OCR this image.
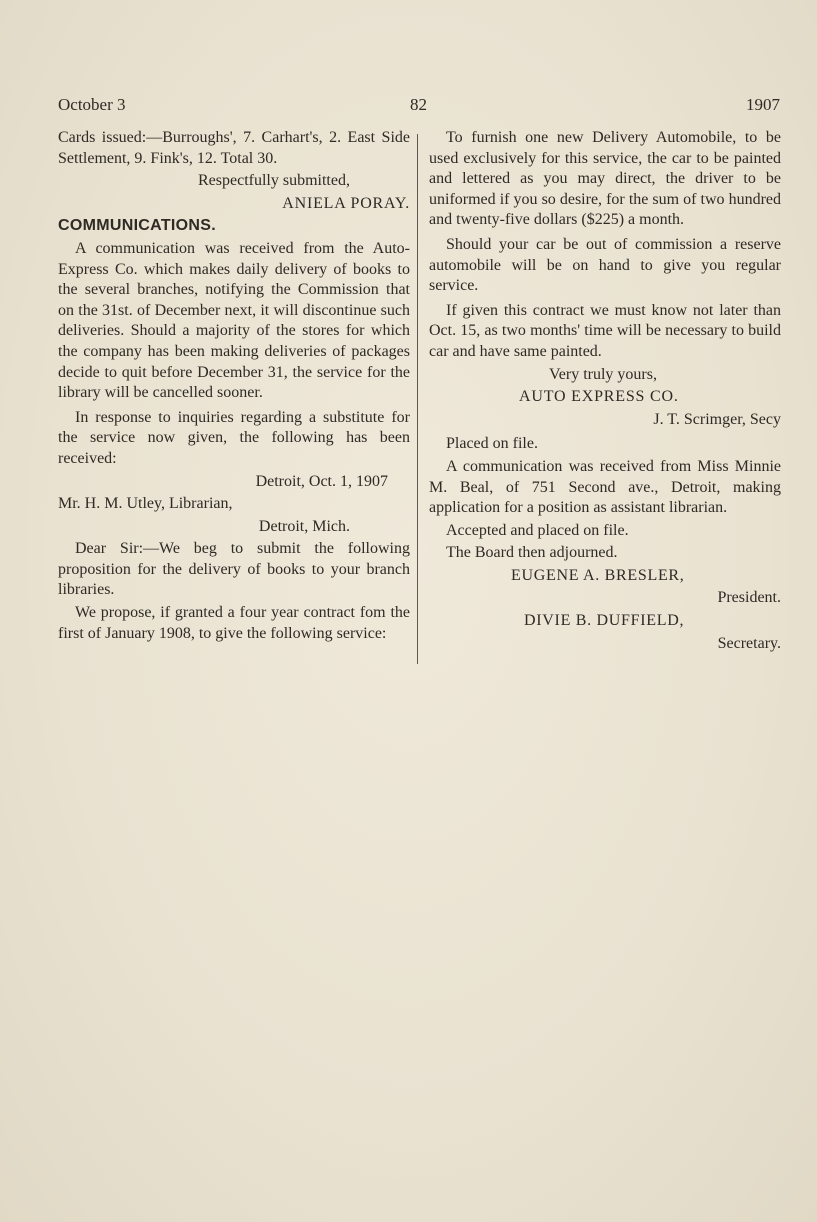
October 3	82	1907

Cards issued:—Burroughs', 7. Carhart's, 2. East Side Settlement, 9. Fink's, 12. Total 30.

Respectfully submitted,

ANIELA PORAY.

COMMUNICATIONS.

A communication was received from the Auto-Express Co. which makes daily delivery of books to the several branches, notifying the Commission that on the 31st. of December next, it will discontinue such deliveries. Should a majority of the stores for which the company has been making deliveries of packages decide to quit before December 31, the service for the library will be cancelled sooner.

In response to inquiries regarding a substitute for the service now given, the following has been received:

Detroit, Oct. 1, 1907

Mr. H. M. Utley, Librarian,

Detroit, Mich.

Dear Sir:—We beg to submit the following proposition for the delivery of books to your branch libraries.

We propose, if granted a four year contract fom the first of January 1908, to give the following service:

To furnish one new Delivery Automobile, to be used exclusively for this service, the car to be painted and lettered as you may direct, the driver to be uniformed if you so desire, for the sum of two hundred and twenty-five dollars ($225) a month.

Should your car be out of commission a reserve automobile will be on hand to give you regular service.

If given this contract we must know not later than Oct. 15, as two months' time will be necessary to build car and have same painted.

Very truly yours,

AUTO EXPRESS CO.

J. T. Scrimger, Secy

Placed on file.

A communication was received from Miss Minnie M. Beal, of 751 Second ave., Detroit, making application for a position as assistant librarian.

Accepted and placed on file.

The Board then adjourned.

EUGENE A. BRESLER,

President.

DIVIE B. DUFFIELD,

Secretary.
